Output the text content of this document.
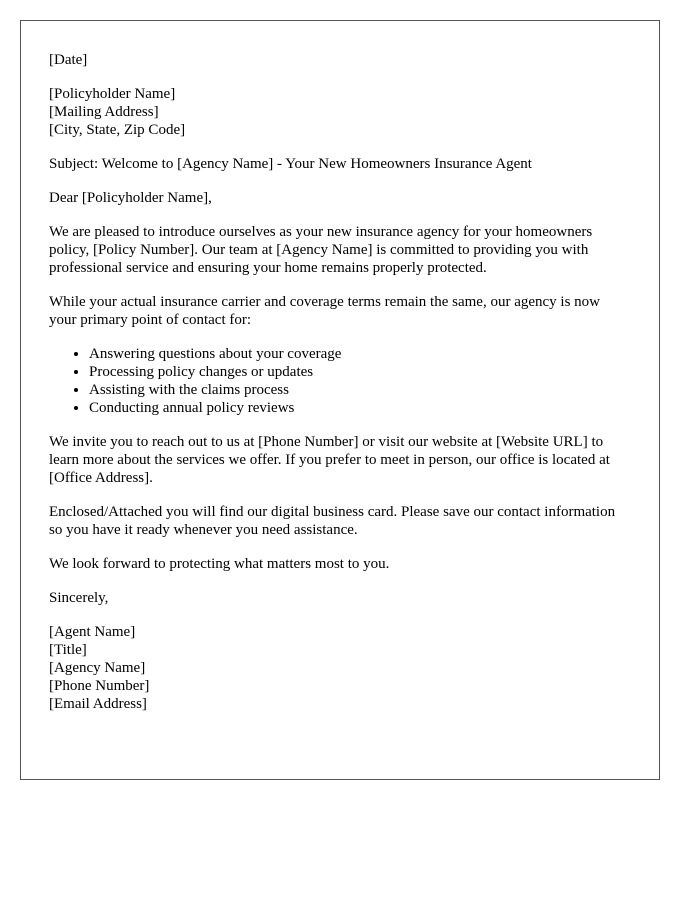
[Date]
[Policyholder Name]
[Mailing Address]
[City, State, Zip Code]
Subject: Welcome to [Agency Name] - Your New Homeowners Insurance Agent
Dear [Policyholder Name],

We are pleased to introduce ourselves as your new insurance agency for your homeowners policy, [Policy Number]. Our team at [Agency Name] is committed to providing you with professional service and ensuring your home remains properly protected.

While your actual insurance carrier and coverage terms remain the same, our agency is now your primary point of contact for:

• Answering questions about your coverage
• Processing policy changes or updates
• Assisting with the claims process
• Conducting annual policy reviews

We invite you to reach out to us at [Phone Number] or visit our website at [Website URL] to learn more about the services we offer. If you prefer to meet in person, our office is located at [Office Address].

Enclosed/Attached you will find our digital business card. Please save our contact information so you have it ready whenever you need assistance.

We look forward to protecting what matters most to you.

Sincerely,
[Agent Name]
[Title]
[Agency Name]
[Phone Number]
[Email Address]
